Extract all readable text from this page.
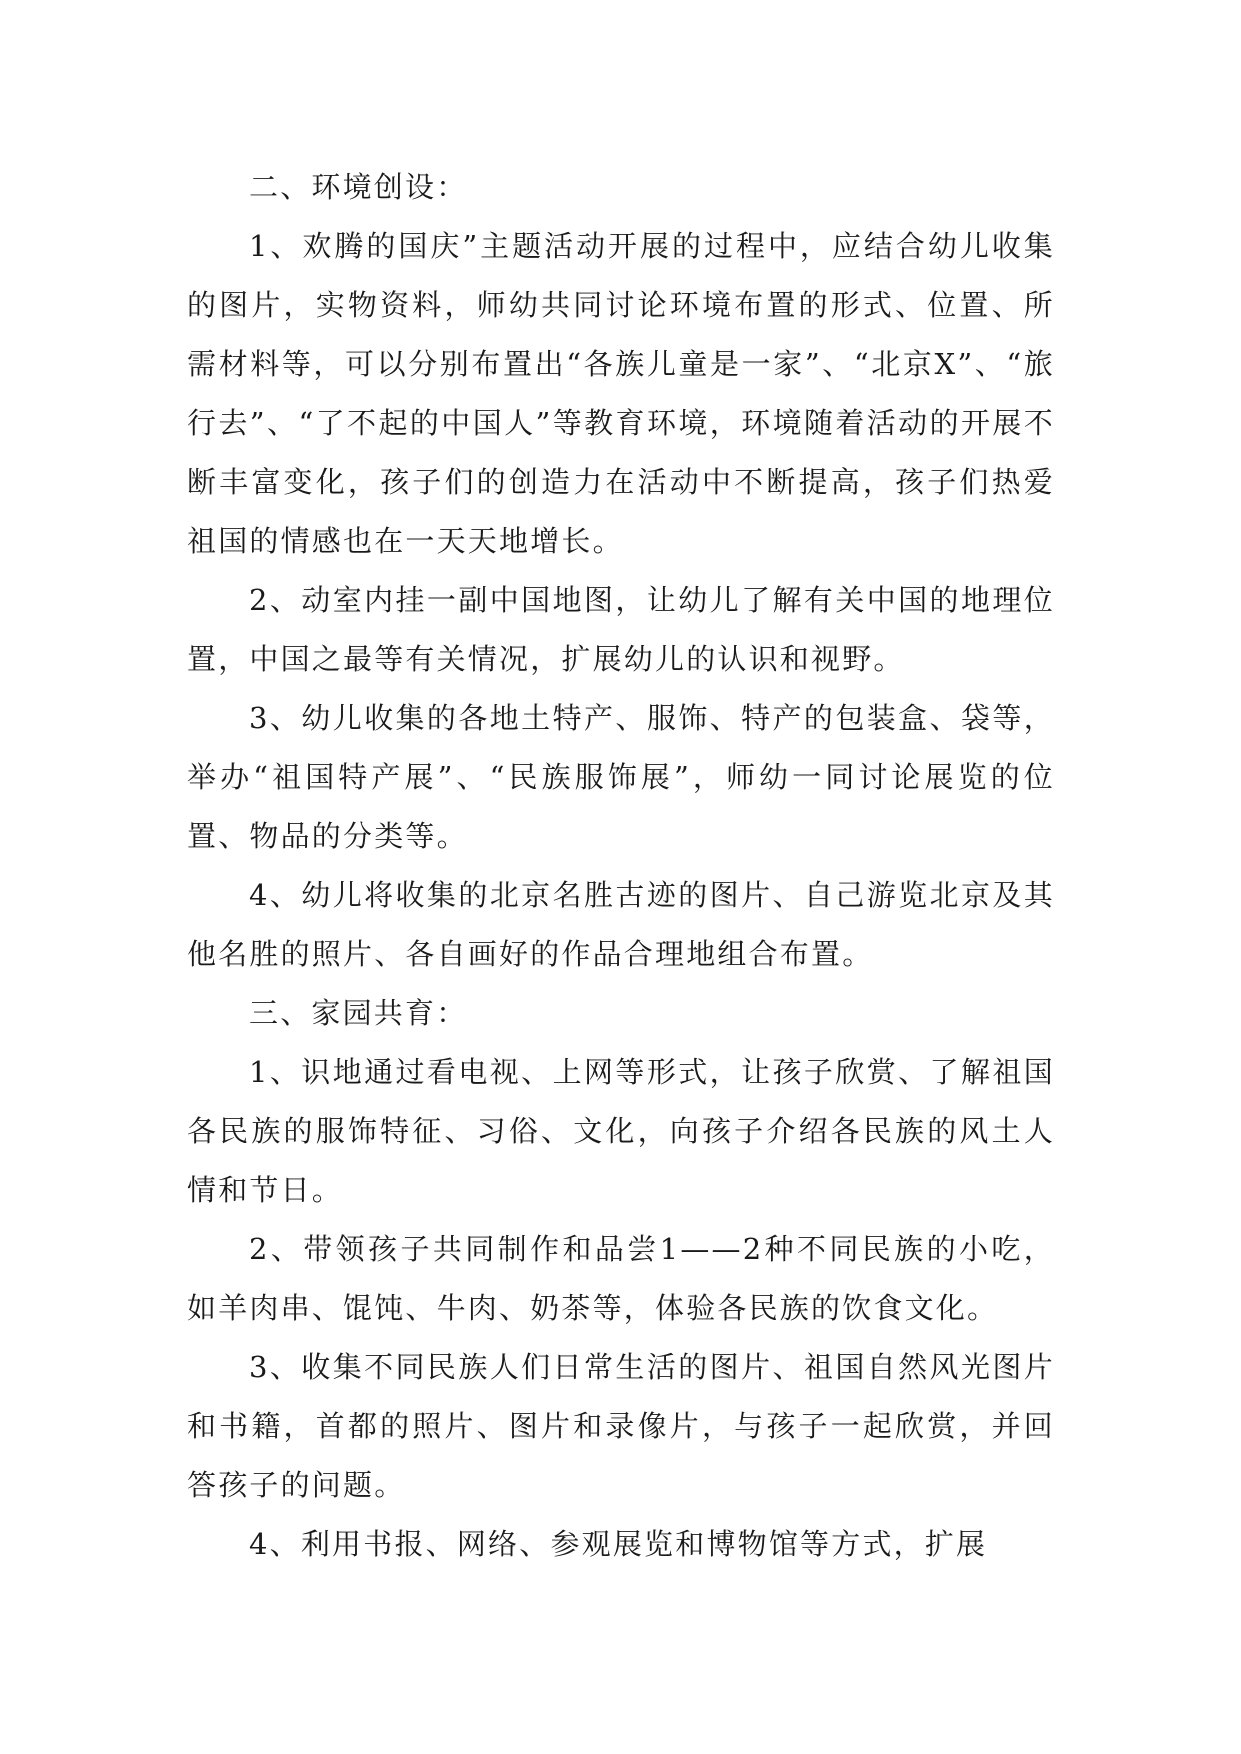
二、环境创设：

1、欢腾的国庆”主题活动开展的过程中，应结合幼儿收集的图片，实物资料，师幼共同讨论环境布置的形式、位置、所需材料等，可以分别布置出“各族儿童是一家”、“北京X”、“旅行去”、“了不起的中国人”等教育环境，环境随着活动的开展不断丰富变化，孩子们的创造力在活动中不断提高，孩子们热爱祖国的情感也在一天天地增长。

2、动室内挂一副中国地图，让幼儿了解有关中国的地理位置，中国之最等有关情况，扩展幼儿的认识和视野。

3、幼儿收集的各地土特产、服饰、特产的包装盒、袋等，举办“祖国特产展”、“民族服饰展”，师幼一同讨论展览的位置、物品的分类等。

4、幼儿将收集的北京名胜古迹的图片、自己游览北京及其他名胜的照片、各自画好的作品合理地组合布置。

三、家园共育：

1、识地通过看电视、上网等形式，让孩子欣赏、了解祖国各民族的服饰特征、习俗、文化，向孩子介绍各民族的风土人情和节日。

2、带领孩子共同制作和品尝1——2种不同民族的小吃，如羊肉串、馄饨、牛肉、奶茶等，体验各民族的饮食文化。

3、收集不同民族人们日常生活的图片、祖国自然风光图片和书籍，首都的照片、图片和录像片，与孩子一起欣赏，并回答孩子的问题。

4、利用书报、网络、参观展览和博物馆等方式，扩展
